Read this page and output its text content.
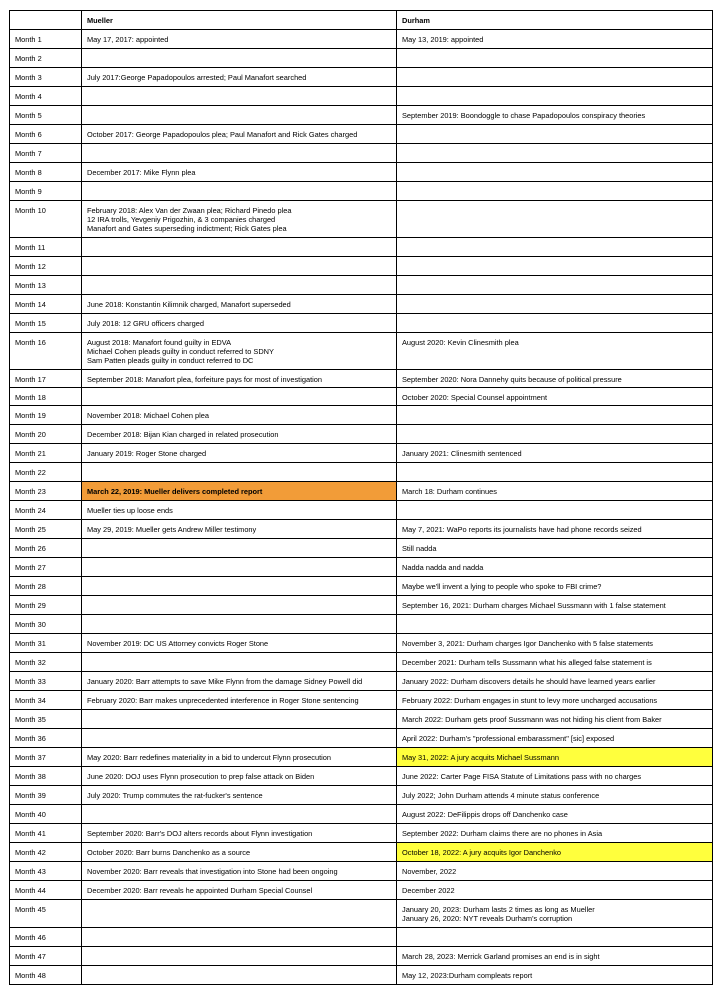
	Mueller	Durham

Month 1	May 17, 2017: appointed	May 13, 2019: appointed

Month 2		

Month 3	July 2017:George Papadopoulos arrested; Paul Manafort searched	

Month 4		

Month 5		September 2019: Boondoggle to chase Papadopoulos conspiracy theories

Month 6	October 2017: George Papadopoulos plea; Paul Manafort and Rick Gates charged	

Month 7		

Month 8	December 2017: Mike Flynn plea	

Month 9		

Month 10	February 2018: Alex Van der Zwaan plea; Richard Pinedo plea
12 IRA trolls, Yevgeniy Prigozhin, & 3 companies charged
Manafort and Gates superseding indictment; Rick Gates plea	

Month 11		

Month 12		

Month 13		

Month 14	June 2018: Konstantin Kilimnik charged, Manafort superseded	

Month 15	July 2018: 12 GRU officers charged	

Month 16	August 2018: Manafort found guilty in EDVA
Michael Cohen pleads guilty in conduct referred to SDNY
Sam Patten pleads guilty in conduct referred to DC	August 2020: Kevin Clinesmith plea

Month 17	September 2018: Manafort plea, forfeiture pays for most of investigation	September 2020: Nora Dannehy quits because of political pressure

Month 18		October 2020: Special Counsel appointment

Month 19	November 2018: Michael Cohen plea	

Month 20	December 2018: Bijan Kian charged in related prosecution	

Month 21	January 2019: Roger Stone charged	January 2021: Clinesmith sentenced

Month 22		

Month 23	March 22, 2019: Mueller delivers completed report	March 18: Durham continues

Month 24	Mueller ties up loose ends	

Month 25	May 29, 2019: Mueller gets Andrew Miller testimony	May 7, 2021: WaPo reports its journalists have had phone records seized

Month 26		Still nadda

Month 27		Nadda nadda and nadda

Month 28		Maybe we'll invent a lying to people who spoke to FBI crime?

Month 29		September 16, 2021: Durham charges Michael Sussmann with 1 false statement

Month 30		

Month 31	November 2019: DC US Attorney convicts Roger Stone	November 3, 2021: Durham charges Igor Danchenko with 5 false statements

Month 32		December 2021: Durham tells Sussmann what his alleged false statement is

Month 33	January 2020: Barr attempts to save Mike Flynn from the damage Sidney Powell did	January 2022: Durham discovers details he should have learned years earlier

Month 34	February 2020: Barr makes unprecedented interference in Roger Stone sentencing	February 2022: Durham engages in stunt to levy more uncharged accusations

Month 35		March 2022: Durham gets proof Sussmann was not hiding his client from Baker

Month 36		April 2022: Durham's "professional embarassment" [sic] exposed

Month 37	May 2020: Barr redefines materiality in a bid to undercut Flynn prosecution	May 31, 2022: A jury acquits Michael Sussmann

Month 38	June 2020: DOJ uses Flynn prosecution to prep false attack on Biden	June 2022: Carter Page FISA Statute of Limitations pass with no charges

Month 39	July 2020: Trump commutes the rat-fucker's sentence	July 2022; John Durham attends 4 minute status conference

Month 40		August 2022: DeFilippis drops off Danchenko case

Month 41	September 2020: Barr's DOJ alters records about Flynn investigation	September 2022: Durham claims there are no phones in Asia

Month 42	October 2020: Barr burns Danchenko as a source	October 18, 2022: A jury acquits Igor Danchenko

Month 43	November 2020: Barr reveals that investigation into Stone had been ongoing	November, 2022

Month 44	December 2020: Barr reveals he appointed Durham Special Counsel	December 2022

Month 45		January 20, 2023: Durham lasts 2 times as long as Mueller
January 26, 2020: NYT reveals Durham's corruption

Month 46		

Month 47		March 28, 2023: Merrick Garland promises an end is in sight

Month 48		May 12, 2023:Durham compleats report
